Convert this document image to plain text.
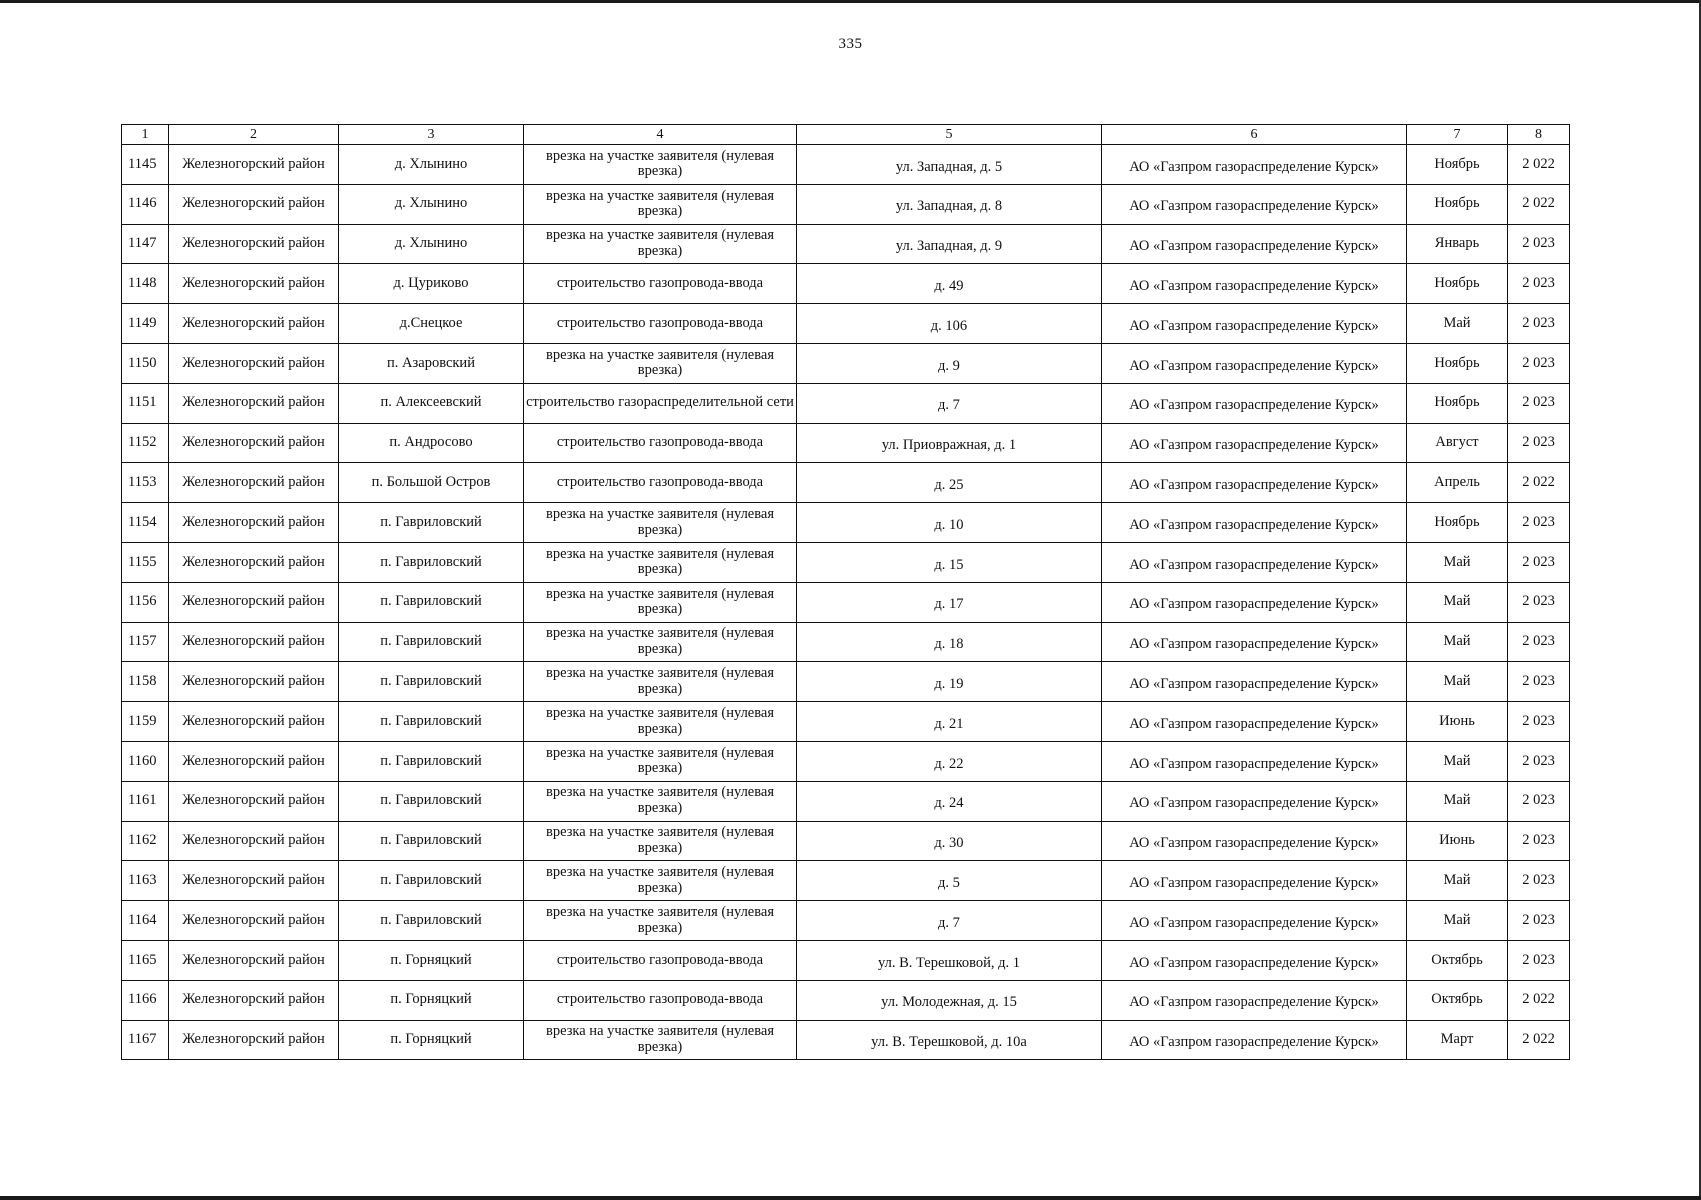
335
1	2	3	4	5	6	7	8
1145	Железногорский район	д. Хлынино	врезка на участке заявителя (нулевая врезка)	ул. Западная, д. 5	АО «Газпром газораспределение Курск»	Ноябрь	2 022
1146	Железногорский район	д. Хлынино	врезка на участке заявителя (нулевая врезка)	ул. Западная, д. 8	АО «Газпром газораспределение Курск»	Ноябрь	2 022
1147	Железногорский район	д. Хлынино	врезка на участке заявителя (нулевая врезка)	ул. Западная, д. 9	АО «Газпром газораспределение Курск»	Январь	2 023
1148	Железногорский район	д. Цуриково	строительство газопровода-ввода	д. 49	АО «Газпром газораспределение Курск»	Ноябрь	2 023
1149	Железногорский район	д.Снецкое	строительство газопровода-ввода	д. 106	АО «Газпром газораспределение Курск»	Май	2 023
1150	Железногорский район	п. Азаровский	врезка на участке заявителя (нулевая врезка)	д. 9	АО «Газпром газораспределение Курск»	Ноябрь	2 023
1151	Железногорский район	п. Алексеевский	строительство газораспределительной сети	д. 7	АО «Газпром газораспределение Курск»	Ноябрь	2 023
1152	Железногорский район	п. Андросово	строительство газопровода-ввода	ул. Приовражная, д. 1	АО «Газпром газораспределение Курск»	Август	2 023
1153	Железногорский район	п. Большой Остров	строительство газопровода-ввода	д. 25	АО «Газпром газораспределение Курск»	Апрель	2 022
1154	Железногорский район	п. Гавриловский	врезка на участке заявителя (нулевая врезка)	д. 10	АО «Газпром газораспределение Курск»	Ноябрь	2 023
1155	Железногорский район	п. Гавриловский	врезка на участке заявителя (нулевая врезка)	д. 15	АО «Газпром газораспределение Курск»	Май	2 023
1156	Железногорский район	п. Гавриловский	врезка на участке заявителя (нулевая врезка)	д. 17	АО «Газпром газораспределение Курск»	Май	2 023
1157	Железногорский район	п. Гавриловский	врезка на участке заявителя (нулевая врезка)	д. 18	АО «Газпром газораспределение Курск»	Май	2 023
1158	Железногорский район	п. Гавриловский	врезка на участке заявителя (нулевая врезка)	д. 19	АО «Газпром газораспределение Курск»	Май	2 023
1159	Железногорский район	п. Гавриловский	врезка на участке заявителя (нулевая врезка)	д. 21	АО «Газпром газораспределение Курск»	Июнь	2 023
1160	Железногорский район	п. Гавриловский	врезка на участке заявителя (нулевая врезка)	д. 22	АО «Газпром газораспределение Курск»	Май	2 023
1161	Железногорский район	п. Гавриловский	врезка на участке заявителя (нулевая врезка)	д. 24	АО «Газпром газораспределение Курск»	Май	2 023
1162	Железногорский район	п. Гавриловский	врезка на участке заявителя (нулевая врезка)	д. 30	АО «Газпром газораспределение Курск»	Июнь	2 023
1163	Железногорский район	п. Гавриловский	врезка на участке заявителя (нулевая врезка)	д. 5	АО «Газпром газораспределение Курск»	Май	2 023
1164	Железногорский район	п. Гавриловский	врезка на участке заявителя (нулевая врезка)	д. 7	АО «Газпром газораспределение Курск»	Май	2 023
1165	Железногорский район	п. Горняцкий	строительство газопровода-ввода	ул. В. Терешковой, д. 1	АО «Газпром газораспределение Курск»	Октябрь	2 023
1166	Железногорский район	п. Горняцкий	строительство газопровода-ввода	ул. Молодежная, д. 15	АО «Газпром газораспределение Курск»	Октябрь	2 022
1167	Железногорский район	п. Горняцкий	врезка на участке заявителя (нулевая врезка)	ул. В. Терешковой, д. 10а	АО «Газпром газораспределение Курск»	Март	2 022
